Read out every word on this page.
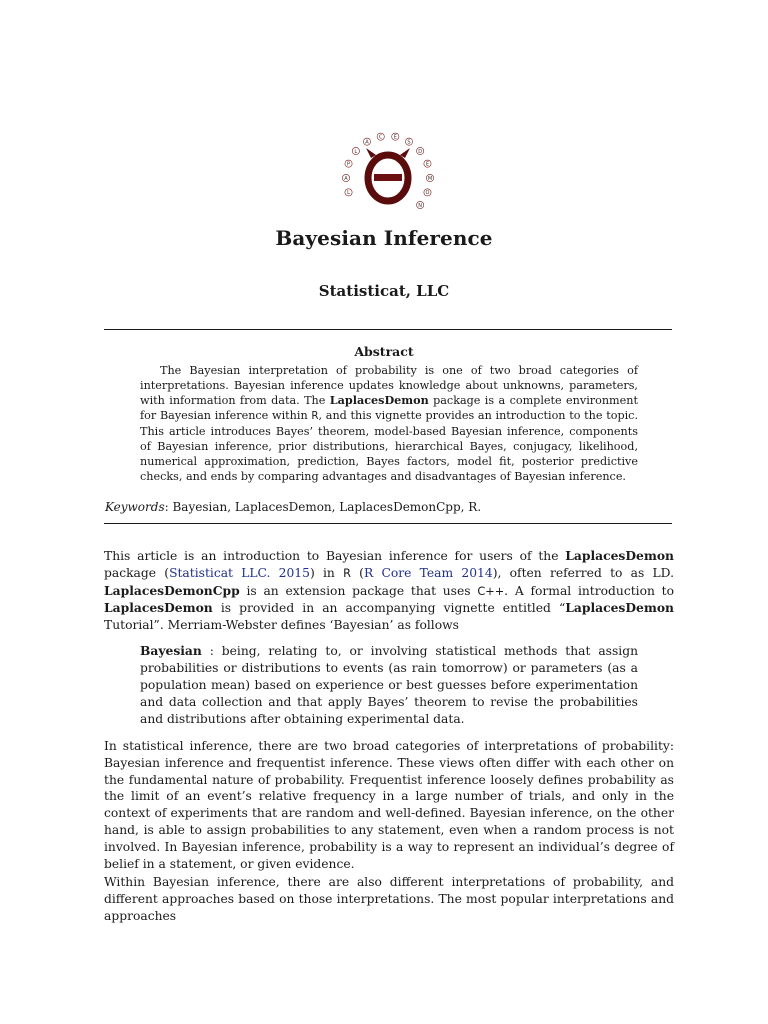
L
A
P
L
A
C E
S
D
E
M
O
N
Bayesian Inference
Statisticat, LLC
Abstract

The Bayesian interpretation of probability is one of two broad categories of interpretations. Bayesian inference updates knowledge about unknowns, parameters, with information from data. The LaplacesDemon package is a complete environment for Bayesian inference within R, and this vignette provides an introduction to the topic. This article introduces Bayes’ theorem, model-based Bayesian inference, components of Bayesian inference, prior distributions, hierarchical Bayes, conjugacy, likelihood, numerical approximation, prediction, Bayes factors, model fit, posterior predictive checks, and ends by comparing advantages and disadvantages of Bayesian inference.

Keywords: Bayesian, LaplacesDemon, LaplacesDemonCpp, R.

This article is an introduction to Bayesian inference for users of the LaplacesDemon package (Statisticat LLC. 2015) in R (R Core Team 2014), often referred to as LD. LaplacesDemonCpp is an extension package that uses C++. A formal introduction to LaplacesDemon is provided in an accompanying vignette entitled “LaplacesDemon Tutorial”. Merriam-Webster defines ‘Bayesian’ as follows

Bayesian : being, relating to, or involving statistical methods that assign probabilities or distributions to events (as rain tomorrow) or parameters (as a population mean) based on experience or best guesses before experimentation and data collection and that apply Bayes’ theorem to revise the probabilities and distributions after obtaining experimental data.

In statistical inference, there are two broad categories of interpretations of probability: Bayesian inference and frequentist inference. These views often differ with each other on the fundamental nature of probability. Frequentist inference loosely defines probability as the limit of an event’s relative frequency in a large number of trials, and only in the context of experiments that are random and well-defined. Bayesian inference, on the other hand, is able to assign probabilities to any statement, even when a random process is not involved. In Bayesian inference, probability is a way to represent an individual’s degree of belief in a statement, or given evidence.

Within Bayesian inference, there are also different interpretations of probability, and different approaches based on those interpretations. The most popular interpretations and approaches
